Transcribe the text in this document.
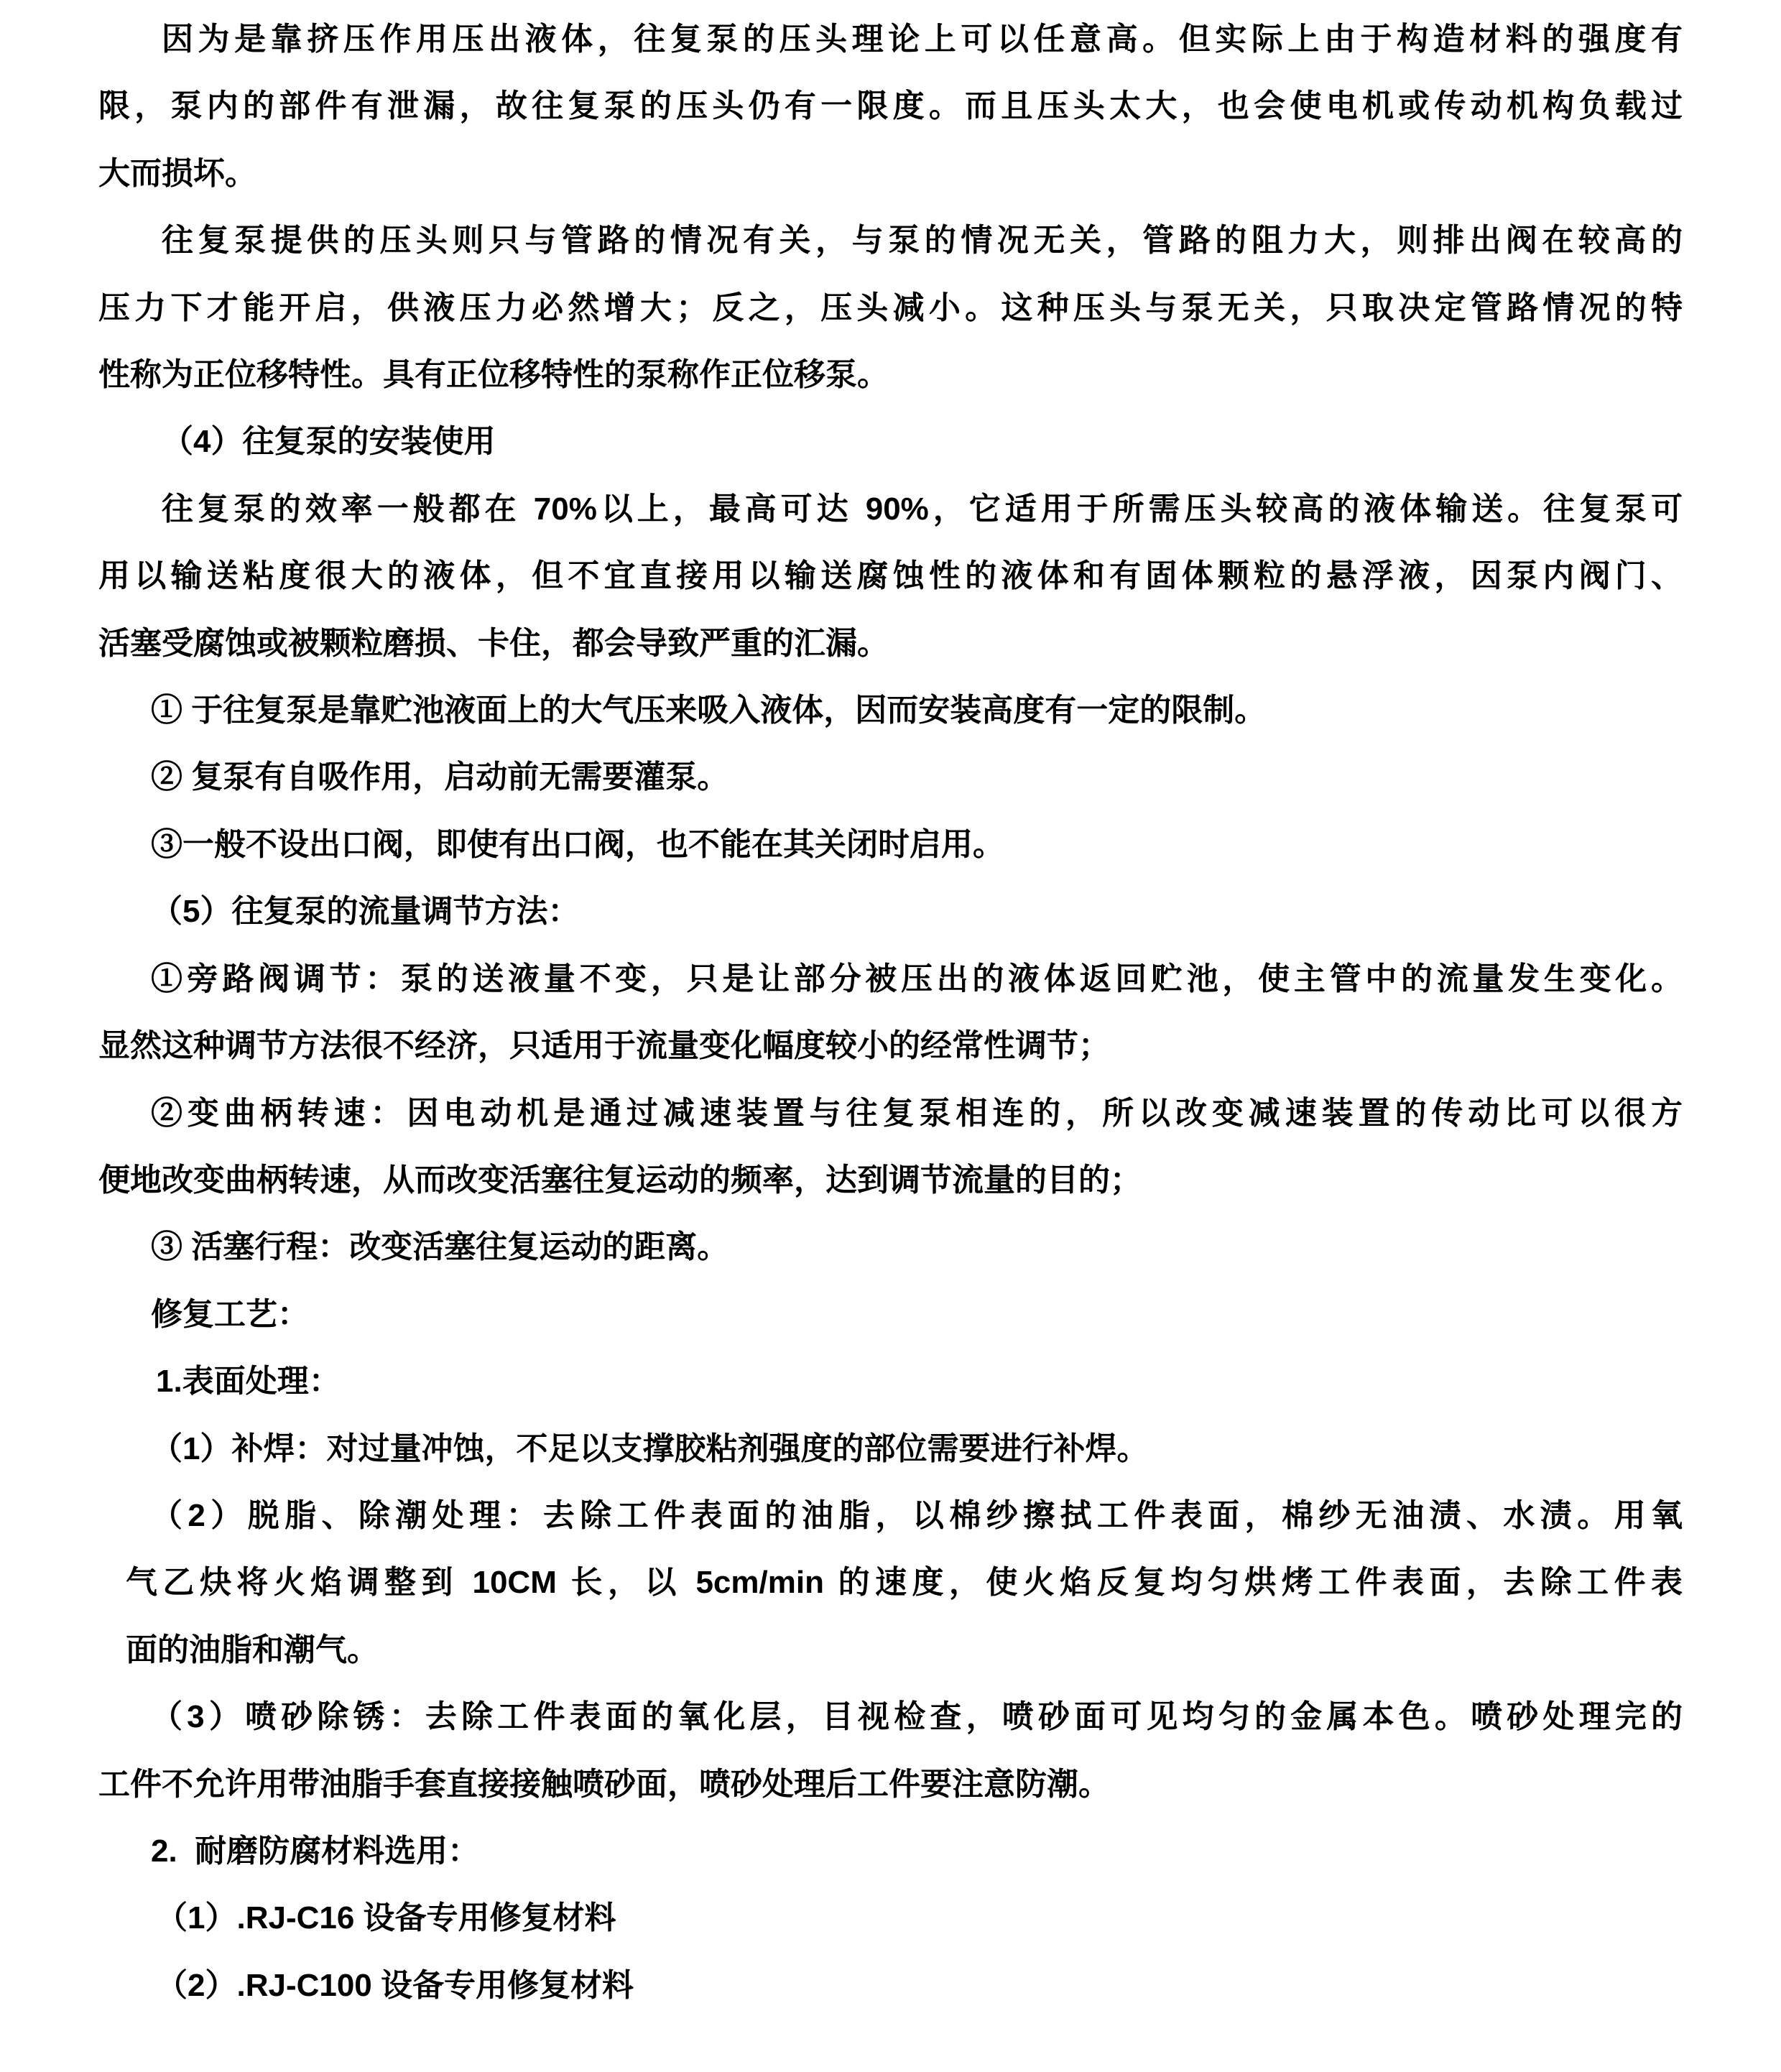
因为是靠挤压作用压出液体，往复泵的压头理论上可以任意高。但实际上由于构造材料的强度有
限，泵内的部件有泄漏，故往复泵的压头仍有一限度。而且压头太大，也会使电机或传动机构负载过
大而损坏。
往复泵提供的压头则只与管路的情况有关，与泵的情况无关，管路的阻力大，则排出阀在较高的
压力下才能开启，供液压力必然增大；反之，压头减小。这种压头与泵无关，只取决定管路情况的特
性称为正位移特性。具有正位移特性的泵称作正位移泵。
（4）往复泵的安装使用
往复泵的效率一般都在 70%以上，最高可达 90%，它适用于所需压头较高的液体输送。往复泵可
用以输送粘度很大的液体，但不宜直接用以输送腐蚀性的液体和有固体颗粒的悬浮液，因泵内阀门、
活塞受腐蚀或被颗粒磨损、卡住，都会导致严重的汇漏。
① 于往复泵是靠贮池液面上的大气压来吸入液体，因而安装高度有一定的限制。
② 复泵有自吸作用，启动前无需要灌泵。
③一般不设出口阀，即使有出口阀，也不能在其关闭时启用。
（5）往复泵的流量调节方法：
①旁路阀调节：泵的送液量不变，只是让部分被压出的液体返回贮池，使主管中的流量发生变化。
显然这种调节方法很不经济，只适用于流量变化幅度较小的经常性调节；
②变曲柄转速：因电动机是通过减速装置与往复泵相连的，所以改变减速装置的传动比可以很方
便地改变曲柄转速，从而改变活塞往复运动的频率，达到调节流量的目的；
③ 活塞行程：改变活塞往复运动的距离。
修复工艺：
1.表面处理：
（1）补焊：对过量冲蚀，不足以支撑胶粘剂强度的部位需要进行补焊。
（2）脱脂、除潮处理：去除工件表面的油脂，以棉纱擦拭工件表面，棉纱无油渍、水渍。用氧
气乙炔将火焰调整到 10CM 长，以 5cm/min 的速度，使火焰反复均匀烘烤工件表面，去除工件表
面的油脂和潮气。
（3）喷砂除锈：去除工件表面的氧化层，目视检查，喷砂面可见均匀的金属本色。喷砂处理完的
工件不允许用带油脂手套直接接触喷砂面，喷砂处理后工件要注意防潮。
2.  耐磨防腐材料选用：
（1）.RJ-C16 设备专用修复材料
（2）.RJ-C100 设备专用修复材料
